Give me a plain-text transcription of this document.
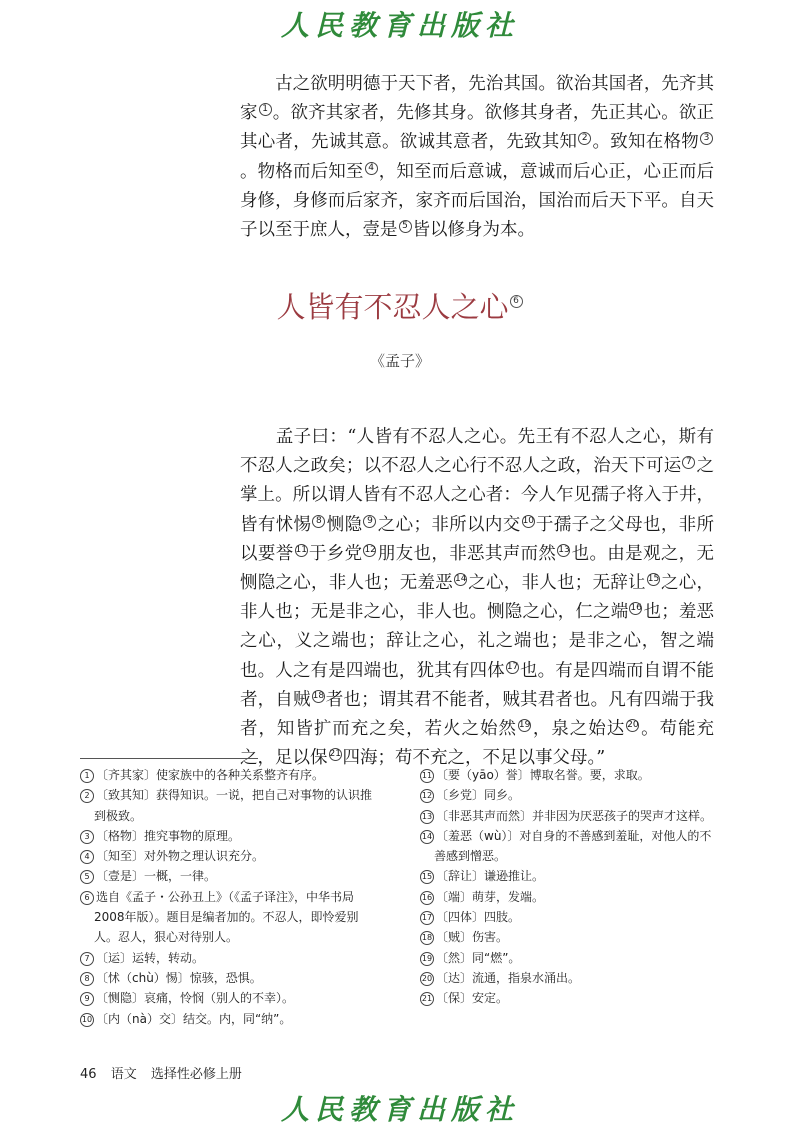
人民教育出版社

　　古之欲明明德于天下者，先治其国。欲治其国者，先齐其家 $^1$ 。欲齐其家者，先修其身。欲修其身者，先正其心。欲正其心者，先诚其意。欲诚其意者，先致其知 $^2$ 。致知在格物 $^3$。物格而后知至 $^4$ ，知至而后意诚，意诚而后心正，心正而后身修，身修而后家齐，家齐而后国治，国治而后天下平。自天子以至于庶人，壹是 $^5$ 皆以修身为本。

人皆有不忍人之心 $^6$

《孟子》

　　孟子曰：“人皆有不忍人之心。先王有不忍人之心，斯有不忍人之政矣；以不忍人之心行不忍人之政，治天下可运 $^7$ 之掌上。所以谓人皆有不忍人之心者：今人乍见孺子将入于井，皆有怵惕 $^8$ 恻隐 $^9$ 之心；非所以内交 $^{10}$于孺子之父母也，非所以要誉 $^{11}$于乡党 $^{12}$朋友也，非恶其声而然 $^{13}$也。由是观之，无恻隐之心，非人也；无羞恶 $^{14}$之心，非人也；无辞让 $^{15}$之心，非人也；无是非之心，非人也。恻隐之心，仁之端 $^{16}$也；羞恶之心，义之端也；辞让之心，礼之端也；是非之心，智之端也。人之有是四端也，犹其有四体 $^{17}$也。有是四端而自谓不能者，自贼 $^{18}$者也；谓其君不能者，贼其君者也。凡有四端于我者，知皆扩而充之矣，若火之始然 $^{19}$，泉之始达 $^{20}$。苟能充之，足以保 $^{21}$四海；苟不充之，不足以事父母。”

1 〔齐其家〕使家族中的各种关系整齐有序。
2 〔致其知〕获得知识。一说，把自己对事物的认识推到极致。
3 〔格物〕推究事物的原理。
4 〔知至〕对外物之理认识充分。
5 〔壹是〕一概，一律。
6 选自《孟子・公孙丑上》（《孟子译注》，中华书局2008年版）。题目是编者加的。不忍人，即怜爱别人。忍人，狠心对待别人。
7 〔运〕运转，转动。
8 〔怵（chù）惕〕惊骇，恐惧。
9 〔恻隐〕哀痛，怜悯（别人的不幸）。
10 〔内（nà）交〕结交。内，同“纳”。
11 〔要（yāo）誉〕博取名誉。要，求取。
12 〔乡党〕同乡。
13 〔非恶其声而然〕并非因为厌恶孩子的哭声才这样。
14 〔羞恶（wù）〕对自身的不善感到羞耻，对他人的不善感到憎恶。
15 〔辞让〕谦逊推让。
16 〔端〕萌芽，发端。
17 〔四体〕四肢。
18 〔贼〕伤害。
19 〔然〕同“燃”。
20 〔达〕流通，指泉水涌出。
21 〔保〕安定。
46 语文 选择性必修上册
人民教育出版社
